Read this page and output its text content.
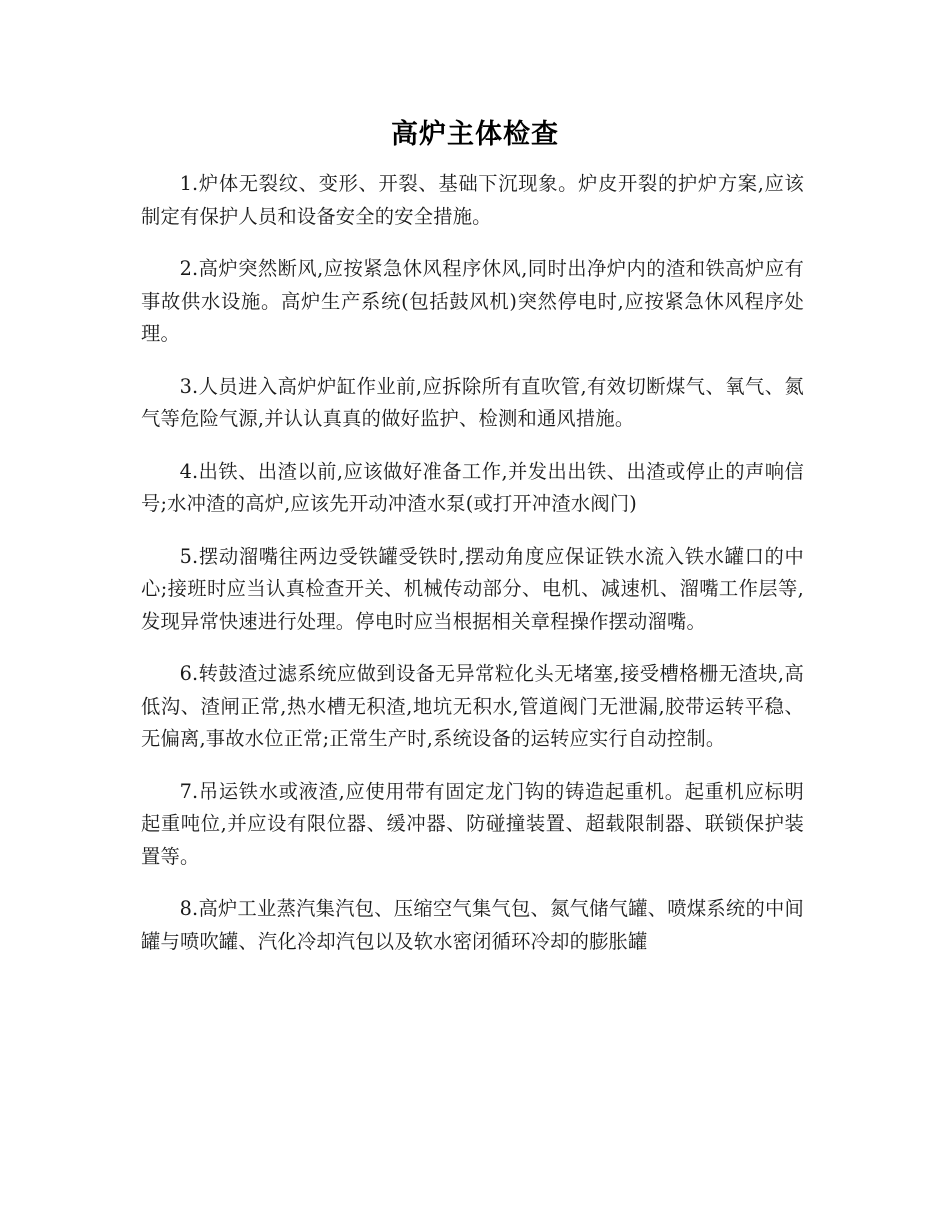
高炉主体检查

1.炉体无裂纹、变形、开裂、基础下沉现象。炉皮开裂的护炉方案,应该制定有保护人员和设备安全的安全措施。

2.高炉突然断风,应按紧急休风程序休风,同时出净炉内的渣和铁高炉应有事故供水设施。高炉生产系统(包括鼓风机)突然停电时,应按紧急休风程序处理。

3.人员进入高炉炉缸作业前,应拆除所有直吹管,有效切断煤气、氧气、氮气等危险气源,并认认真真的做好监护、检测和通风措施。

4.出铁、出渣以前,应该做好准备工作,并发出出铁、出渣或停止的声响信号;水冲渣的高炉,应该先开动冲渣水泵(或打开冲渣水阀门)

5.摆动溜嘴往两边受铁罐受铁时,摆动角度应保证铁水流入铁水罐口的中心;接班时应当认真检查开关、机械传动部分、电机、减速机、溜嘴工作层等,发现异常快速进行处理。停电时应当根据相关章程操作摆动溜嘴。

6.转鼓渣过滤系统应做到设备无异常粒化头无堵塞,接受槽格栅无渣块,高低沟、渣闸正常,热水槽无积渣,地坑无积水,管道阀门无泄漏,胶带运转平稳、无偏离,事故水位正常;正常生产时,系统设备的运转应实行自动控制。

7.吊运铁水或液渣,应使用带有固定龙门钩的铸造起重机。起重机应标明起重吨位,并应设有限位器、缓冲器、防碰撞装置、超载限制器、联锁保护装置等。

8.高炉工业蒸汽集汽包、压缩空气集气包、氮气储气罐、喷煤系统的中间罐与喷吹罐、汽化冷却汽包以及软水密闭循环冷却的膨胀罐
